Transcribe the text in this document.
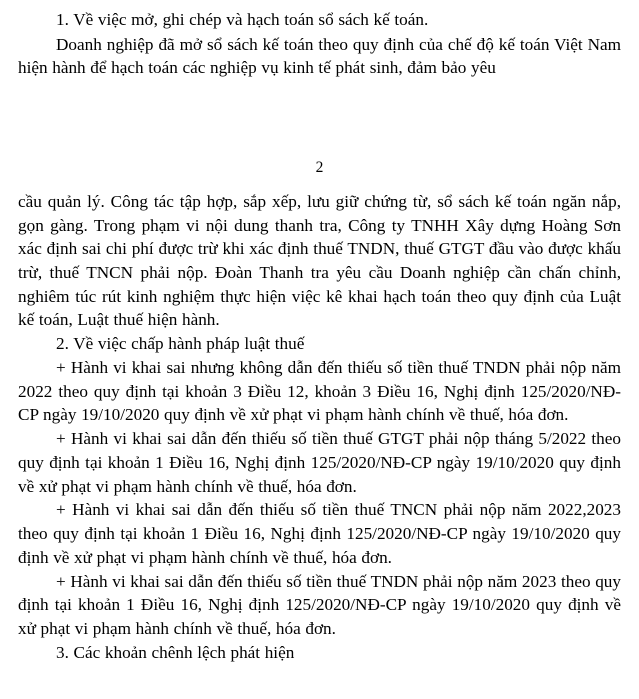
1. Về việc mở, ghi chép và hạch toán sổ sách kế toán.

Doanh nghiệp đã mở sổ sách kế toán theo quy định của chế độ kế toán Việt Nam hiện hành để hạch toán các nghiệp vụ kinh tế phát sinh, đảm bảo yêu

2

cầu quản lý. Công tác tập hợp, sắp xếp, lưu giữ chứng từ, sổ sách kế toán ngăn nắp, gọn gàng. Trong phạm vi nội dung thanh tra, Công ty TNHH Xây dựng Hoàng Sơn xác định sai chi phí được trừ khi xác định thuế TNDN, thuế GTGT đầu vào được khấu trừ, thuế TNCN phải nộp. Đoàn Thanh tra yêu cầu Doanh nghiệp cần chấn chỉnh, nghiêm túc rút kinh nghiệm thực hiện việc kê khai hạch toán theo quy định của Luật kế toán, Luật thuế hiện hành.

2. Về việc chấp hành pháp luật thuế

+ Hành vi khai sai nhưng không dẫn đến thiếu số tiền thuế TNDN phải nộp năm 2022 theo quy định tại khoản 3 Điều 12, khoản 3 Điều 16, Nghị định 125/2020/NĐ-CP ngày 19/10/2020 quy định về xử phạt vi phạm hành chính về thuế, hóa đơn.

+ Hành vi khai sai dẫn đến thiếu số tiền thuế GTGT phải nộp tháng 5/2022 theo quy định tại khoản 1 Điều 16, Nghị định 125/2020/NĐ-CP ngày 19/10/2020 quy định về xử phạt vi phạm hành chính về thuế, hóa đơn.

+ Hành vi khai sai dẫn đến thiếu số tiền thuế TNCN phải nộp năm 2022,2023 theo quy định tại khoản 1 Điều 16, Nghị định 125/2020/NĐ-CP ngày 19/10/2020 quy định về xử phạt vi phạm hành chính về thuế, hóa đơn.

+ Hành vi khai sai dẫn đến thiếu số tiền thuế TNDN phải nộp năm 2023 theo quy định tại khoản 1 Điều 16, Nghị định 125/2020/NĐ-CP ngày 19/10/2020 quy định về xử phạt vi phạm hành chính về thuế, hóa đơn.

3. Các khoản chênh lệch phát hiện
